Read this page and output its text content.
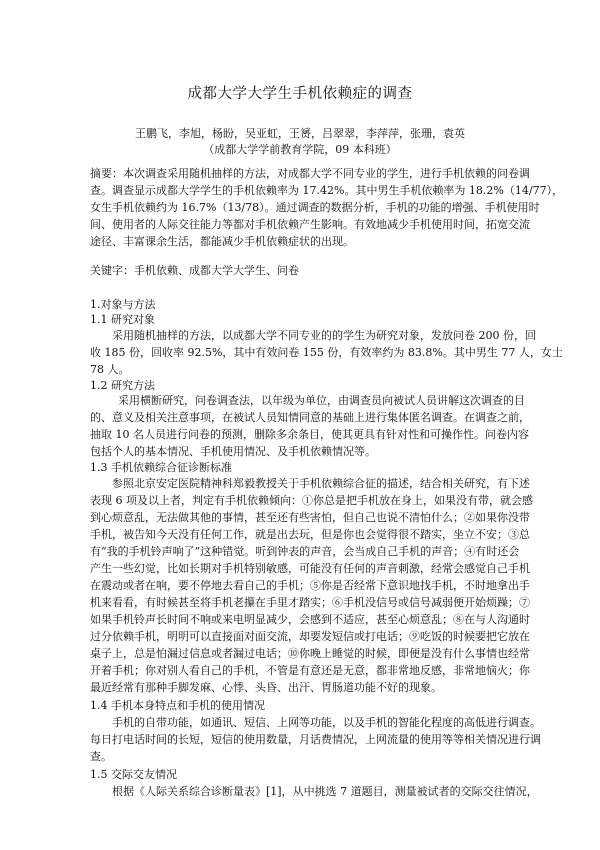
成都大学大学生手机依赖症的调查
王鹏飞，李旭，杨盼，吴亚虹，王赟，吕翠翠，李萍萍，张珊，袁英
（成都大学学前教育学院，09 本科班）
摘要：本次调查采用随机抽样的方法，对成都大学不同专业的学生，进行手机依赖的问卷调
查。调查显示成都大学学生的手机依赖率为 17.42%。其中男生手机依赖率为 18.2%（14/77），
女生手机依赖约为 16.7%（13/78）。通过调查的数据分析，手机的功能的增强、手机使用时
间、使用者的人际交往能力等都对手机依赖产生影响。有效地减少手机使用时间，拓宽交流
途径、丰富课余生活，都能减少手机依赖症状的出现。
关键字：手机依赖、成都大学大学生、问卷
1.对象与方法
1.1 研究对象
采用随机抽样的方法，以成都大学不同专业的的学生为研究对象，发放问卷 200 份，回
收 185 份，回收率 92.5%，其中有效问卷 155 份，有效率约为 83.8%。其中男生 77 人，女士
78 人。
1.2 研究方法
采用横断研究，问卷调查法，以年级为单位，由调查员向被试人员讲解这次调查的目
的、意义及相关注意事项，在被试人员知情同意的基础上进行集体匿名调查。在调查之前，
抽取 10 名人员进行问卷的预测，删除多余条目，使其更具有针对性和可操作性。问卷内容
包括个人的基本情况、手机使用情况、及手机依赖情况等。
1.3 手机依赖综合征诊断标准
参照北京安定医院精神科郑毅教授关于手机依赖综合征的描述，结合相关研究，有下述
表现 6 项及以上者，判定有手机依赖倾向：①你总是把手机放在身上，如果没有带，就会感
到心烦意乱，无法做其他的事情，甚至还有些害怕，但自己也说不清怕什么；②如果你没带
手机，被告知今天没有任何工作，就是出去玩，但是你也会觉得很不踏实，坐立不安；③总
有“我的手机铃声响了”这种错觉。听到钟表的声音，会当成自己手机的声音；④有时还会
产生一些幻觉，比如长期对手机特别敏感，可能没有任何的声音刺激，经常会感觉自己手机
在震动或者在响，要不停地去看自己的手机；⑤你是否经常下意识地找手机，不时地拿出手
机来看看，有时候甚至将手机老攥在手里才踏实；⑥手机没信号或信号减弱便开始烦躁；⑦
如果手机铃声长时间不响或来电明显减少，会感到不适应，甚至心烦意乱；⑧在与人沟通时
过分依赖手机，明明可以直接面对面交流，却要发短信或打电话；⑨吃饭的时候要把它放在
桌子上，总是怕漏过信息或者漏过电话；⑩你晚上睡觉的时候，即便是没有什么事情也经常
开着手机；你对别人看自己的手机，不管是有意还是无意，都非常地反感，非常地恼火；你
最近经常有那种手脚发麻、心悸、头昏、出汗、胃肠道功能不好的现象。
1.4 手机本身特点和手机的使用情况
手机的自带功能，如通讯、短信、上网等功能，以及手机的智能化程度的高低进行调查。
每日打电话时间的长短，短信的使用数量，月话费情况，上网流量的使用等等相关情况进行调
查。
1.5 交际交友情况
根据《人际关系综合诊断量表》[1]，从中挑选 7 道题目，测量被试者的交际交往情况，
